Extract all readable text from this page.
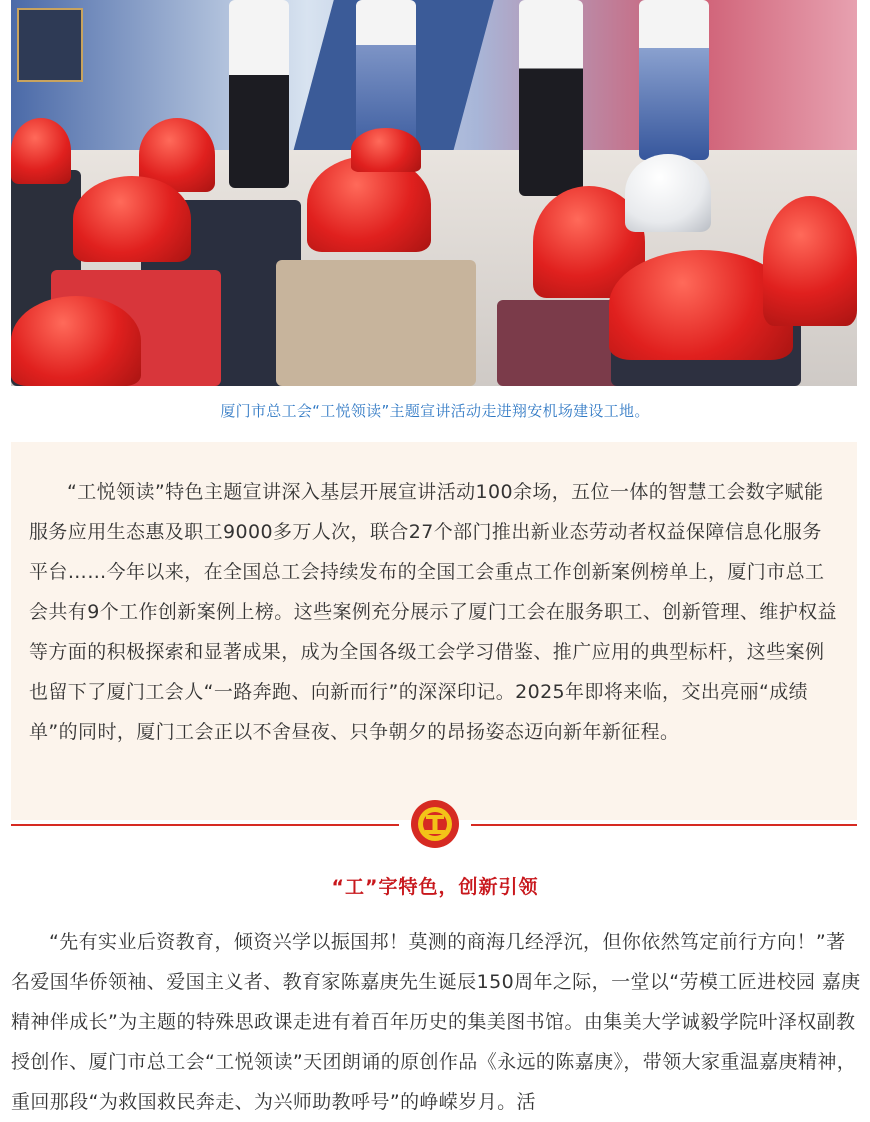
厦门市总工会“工悦领读”主题宣讲活动走进翔安机场建设工地。

“工悦领读”特色主题宣讲深入基层开展宣讲活动100余场，五位一体的智慧工会数字赋能服务应用生态惠及职工9000多万人次，联合27个部门推出新业态劳动者权益保障信息化服务平台……今年以来，在全国总工会持续发布的全国工会重点工作创新案例榜单上，厦门市总工会共有9个工作创新案例上榜。这些案例充分展示了厦门工会在服务职工、创新管理、维护权益等方面的积极探索和显著成果，成为全国各级工会学习借鉴、推广应用的典型标杆，这些案例也留下了厦门工会人“一路奔跑、向新而行”的深深印记。2025年即将来临，交出亮丽“成绩单”的同时，厦门工会正以不舍昼夜、只争朝夕的昂扬姿态迈向新年新征程。

“工”字特色，创新引领

“先有实业后资教育，倾资兴学以振国邦！莫测的商海几经浮沉，但你依然笃定前行方向！”著名爱国华侨领袖、爱国主义者、教育家陈嘉庚先生诞辰150周年之际，一堂以“劳模工匠进校园 嘉庚精神伴成长”为主题的特殊思政课走进有着百年历史的集美图书馆。由集美大学诚毅学院叶泽权副教授创作、厦门市总工会“工悦领读”天团朗诵的原创作品《永远的陈嘉庚》，带领大家重温嘉庚精神，重回那段“为救国救民奔走、为兴师助教呼号”的峥嵘岁月。活
